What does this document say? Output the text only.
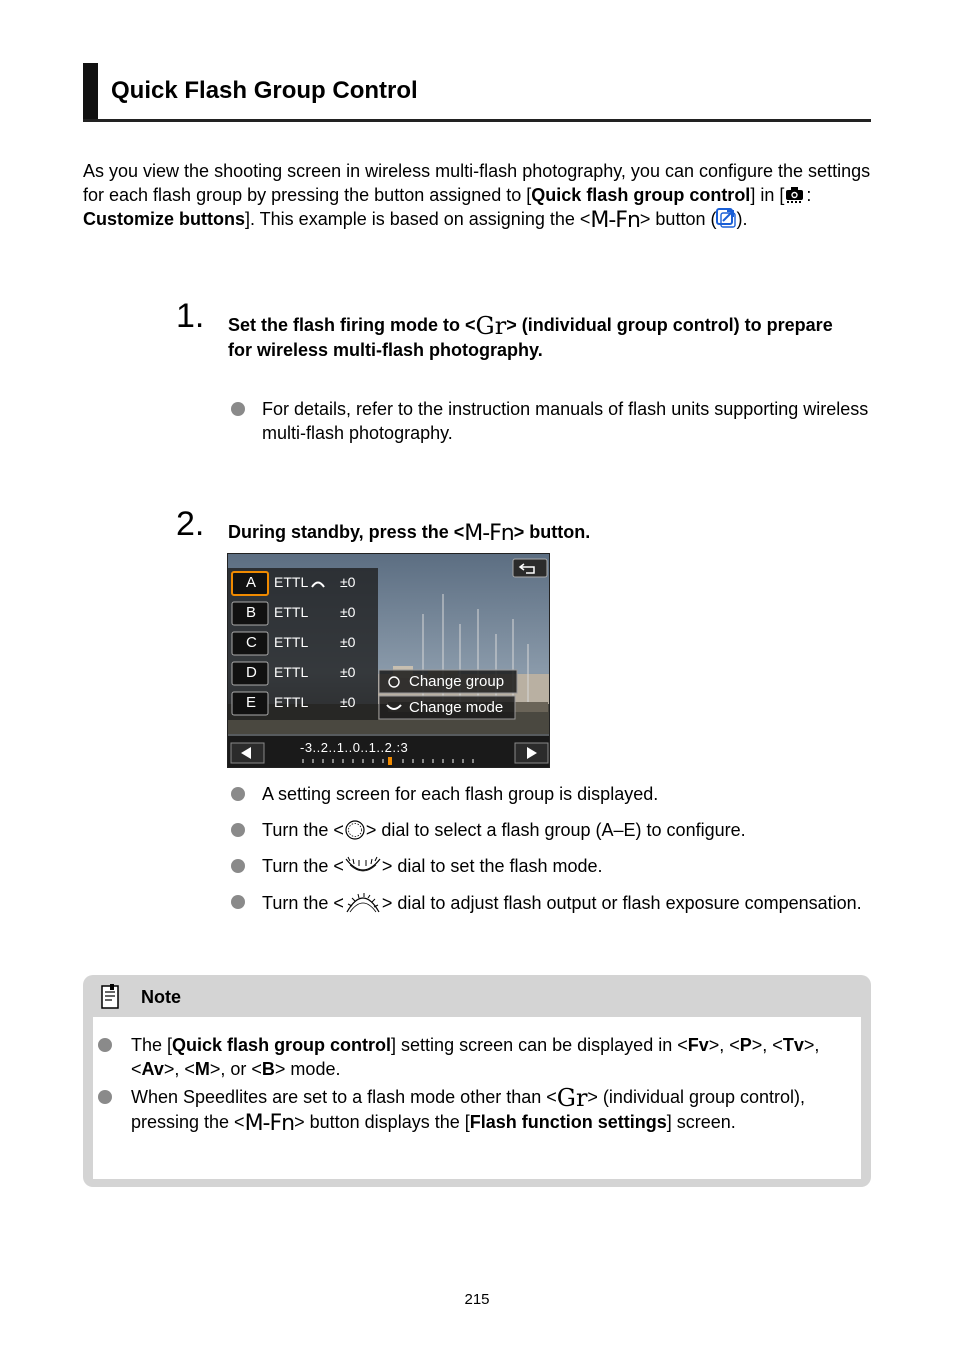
Quick Flash Group Control
As you view the shooting screen in wireless multi-flash photography, you can configure the settings for each flash group by pressing the button assigned to [Quick flash group control] in [ : Customize buttons]. This example is based on assigning the <M-Fn> button ( ).
1. Set the flash firing mode to <Gr> (individual group control) to prepare for wireless multi-flash photography.
For details, refer to the instruction manuals of flash units supporting wireless multi-flash photography.
2. During standby, press the <M-Fn> button.
A ETTL ±0
B ETTL ±0
C ETTL ±0
D ETTL ±0
E ETTL ±0
Change group
Change mode
-3..2..1..0..1..2.:3
A setting screen for each flash group is displayed.
Turn the < > dial to select a flash group (A–E) to configure.
Turn the < > dial to set the flash mode.
Turn the < > dial to adjust flash output or flash exposure compensation.
Note
The [Quick flash group control] setting screen can be displayed in <Fv>, <P>, <Tv>, <Av>, <M>, or <B> mode.
When Speedlites are set to a flash mode other than <Gr> (individual group control), pressing the <M-Fn> button displays the [Flash function settings] screen.
215
